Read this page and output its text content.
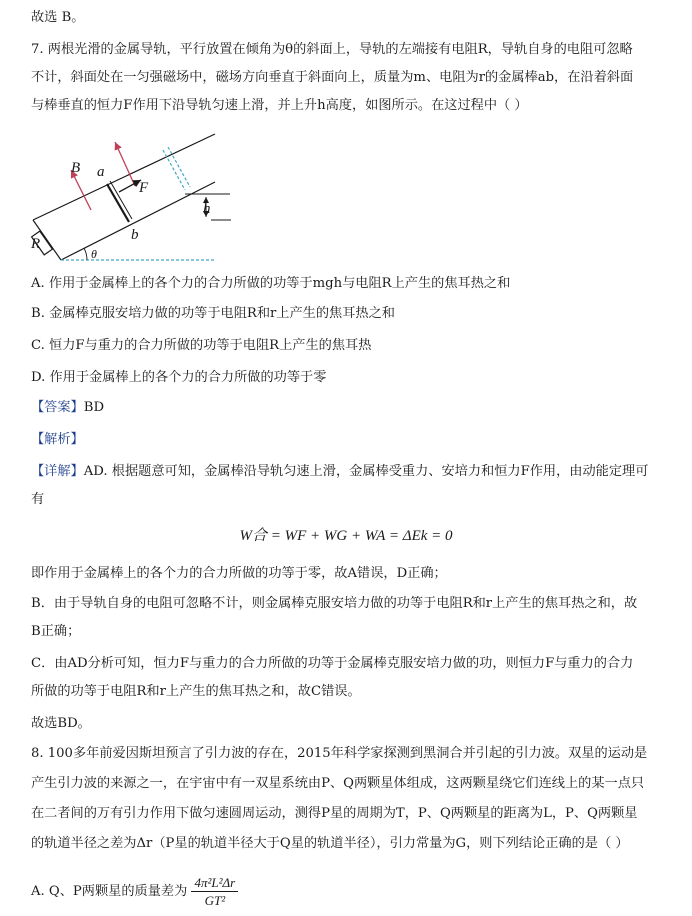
故选 B。
7. 两根光滑的金属导轨，平行放置在倾角为θ的斜面上，导轨的左端接有电阻R，导轨自身的电阻可忽略
不计，斜面处在一匀强磁场中，磁场方向垂直于斜面向上，质量为m、电阻为r的金属棒ab，在沿着斜面
与棒垂直的恒力F作用下沿导轨匀速上滑，并上升h高度，如图所示。在这过程中（ ）
B a
F
h
b
R
θ
A. 作用于金属棒上的各个力的合力所做的功等于mgh与电阻R上产生的焦耳热之和
B. 金属棒克服安培力做的功等于电阻R和r上产生的焦耳热之和
C. 恒力F与重力的合力所做的功等于电阻R上产生的焦耳热
D. 作用于金属棒上的各个力的合力所做的功等于零
【答案】BD
【解析】
【详解】AD. 根据题意可知，金属棒沿导轨匀速上滑，金属棒受重力、安培力和恒力F作用，由动能定理可
有
W合 = WF + WG + WA = ΔEk = 0
即作用于金属棒上的各个力的合力所做的功等于零，故A错误，D正确；
B．由于导轨自身的电阻可忽略不计，则金属棒克服安培力做的功等于电阻R和r上产生的焦耳热之和，故
B正确；
C．由AD分析可知，恒力F与重力的合力所做的功等于金属棒克服安培力做的功，则恒力F与重力的合力
所做的功等于电阻R和r上产生的焦耳热之和，故C错误。
故选BD。
8. 100多年前爱因斯坦预言了引力波的存在，2015年科学家探测到黑洞合并引起的引力波。双星的运动是
产生引力波的来源之一，在宇宙中有一双星系统由P、Q两颗星体组成，这两颗星绕它们连线上的某一点只
在二者间的万有引力作用下做匀速圆周运动，测得P星的周期为T，P、Q两颗星的距离为L，P、Q两颗星
的轨道半径之差为Δr（P星的轨道半径大于Q星的轨道半径），引力常量为G，则下列结论正确的是（ ）
A. Q、P两颗星的质量差为 $\frac{\text{4π²L²Δr}}{\text{GT²}}$
